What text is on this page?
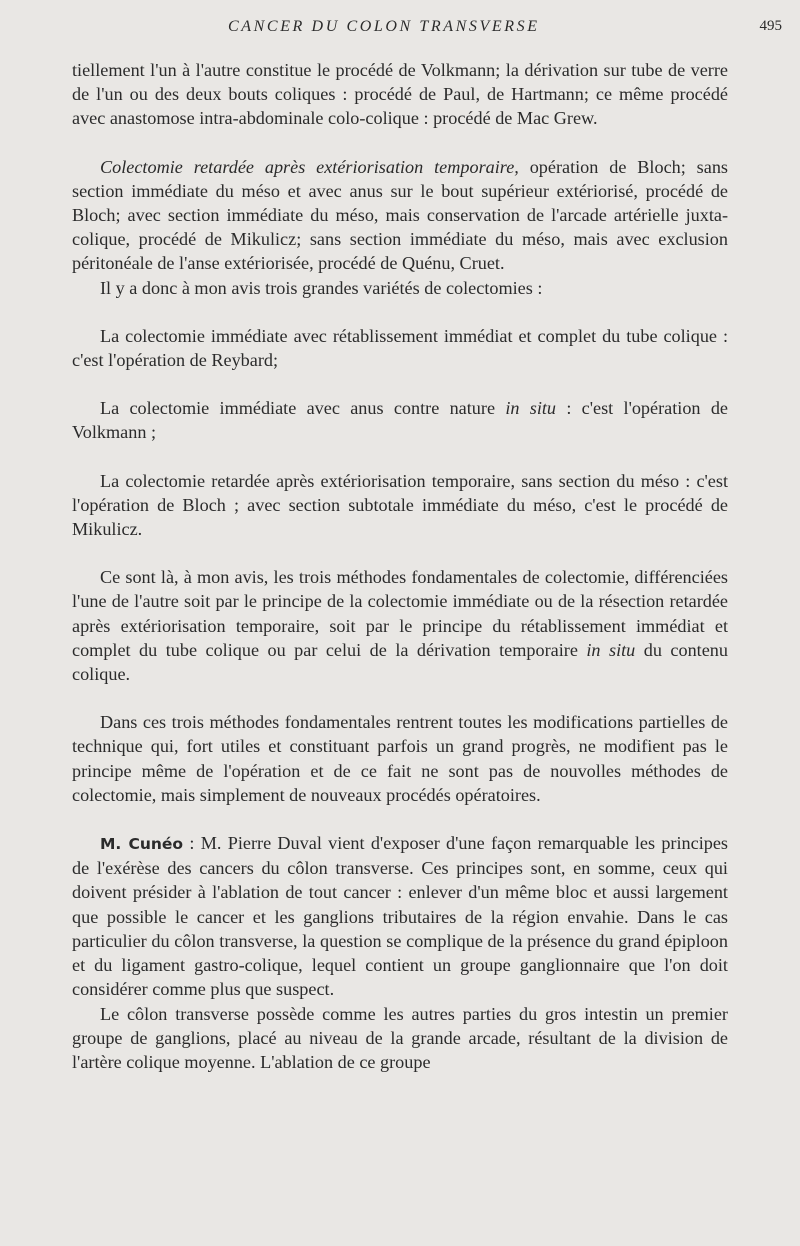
CANCER DU COLON TRANSVERSE	495

tiellement l'un à l'autre constitue le procédé de Volkmann; la dérivation sur tube de verre de l'un ou des deux bouts coliques : procédé de Paul, de Hartmann; ce même procédé avec anastomose intra-abdominale colo-colique : procédé de Mac Grew.

Colectomie retardée après extériorisation temporaire, opération de Bloch; sans section immédiate du méso et avec anus sur le bout supérieur extériorisé, procédé de Bloch; avec section immédiate du méso, mais conservation de l'arcade artérielle juxta-colique, procédé de Mikulicz; sans section immédiate du méso, mais avec exclusion péritonéale de l'anse extériorisée, procédé de Quénu, Cruet.

Il y a donc à mon avis trois grandes variétés de colectomies :

La colectomie immédiate avec rétablissement immédiat et complet du tube colique : c'est l'opération de Reybard;

La colectomie immédiate avec anus contre nature in situ : c'est l'opération de Volkmann ;

La colectomie retardée après extériorisation temporaire, sans section du méso : c'est l'opération de Bloch ; avec section subtotale immédiate du méso, c'est le procédé de Mikulicz.

Ce sont là, à mon avis, les trois méthodes fondamentales de colectomie, différenciées l'une de l'autre soit par le principe de la colectomie immédiate ou de la résection retardée après extériorisation temporaire, soit par le principe du rétablissement immédiat et complet du tube colique ou par celui de la dérivation temporaire in situ du contenu colique.

Dans ces trois méthodes fondamentales rentrent toutes les modifications partielles de technique qui, fort utiles et constituant parfois un grand progrès, ne modifient pas le principe même de l'opération et de ce fait ne sont pas de nouvolles méthodes de colectomie, mais simplement de nouveaux procédés opératoires.

M. Cunéo : M. Pierre Duval vient d'exposer d'une façon remarquable les principes de l'exérèse des cancers du côlon transverse. Ces principes sont, en somme, ceux qui doivent présider à l'ablation de tout cancer : enlever d'un même bloc et aussi largement que possible le cancer et les ganglions tributaires de la région envahie. Dans le cas particulier du côlon transverse, la question se complique de la présence du grand épiploon et du ligament gastro-colique, lequel contient un groupe ganglionnaire que l'on doit considérer comme plus que suspect.

Le côlon transverse possède comme les autres parties du gros intestin un premier groupe de ganglions, placé au niveau de la grande arcade, résultant de la division de l'artère colique moyenne. L'ablation de ce groupe
